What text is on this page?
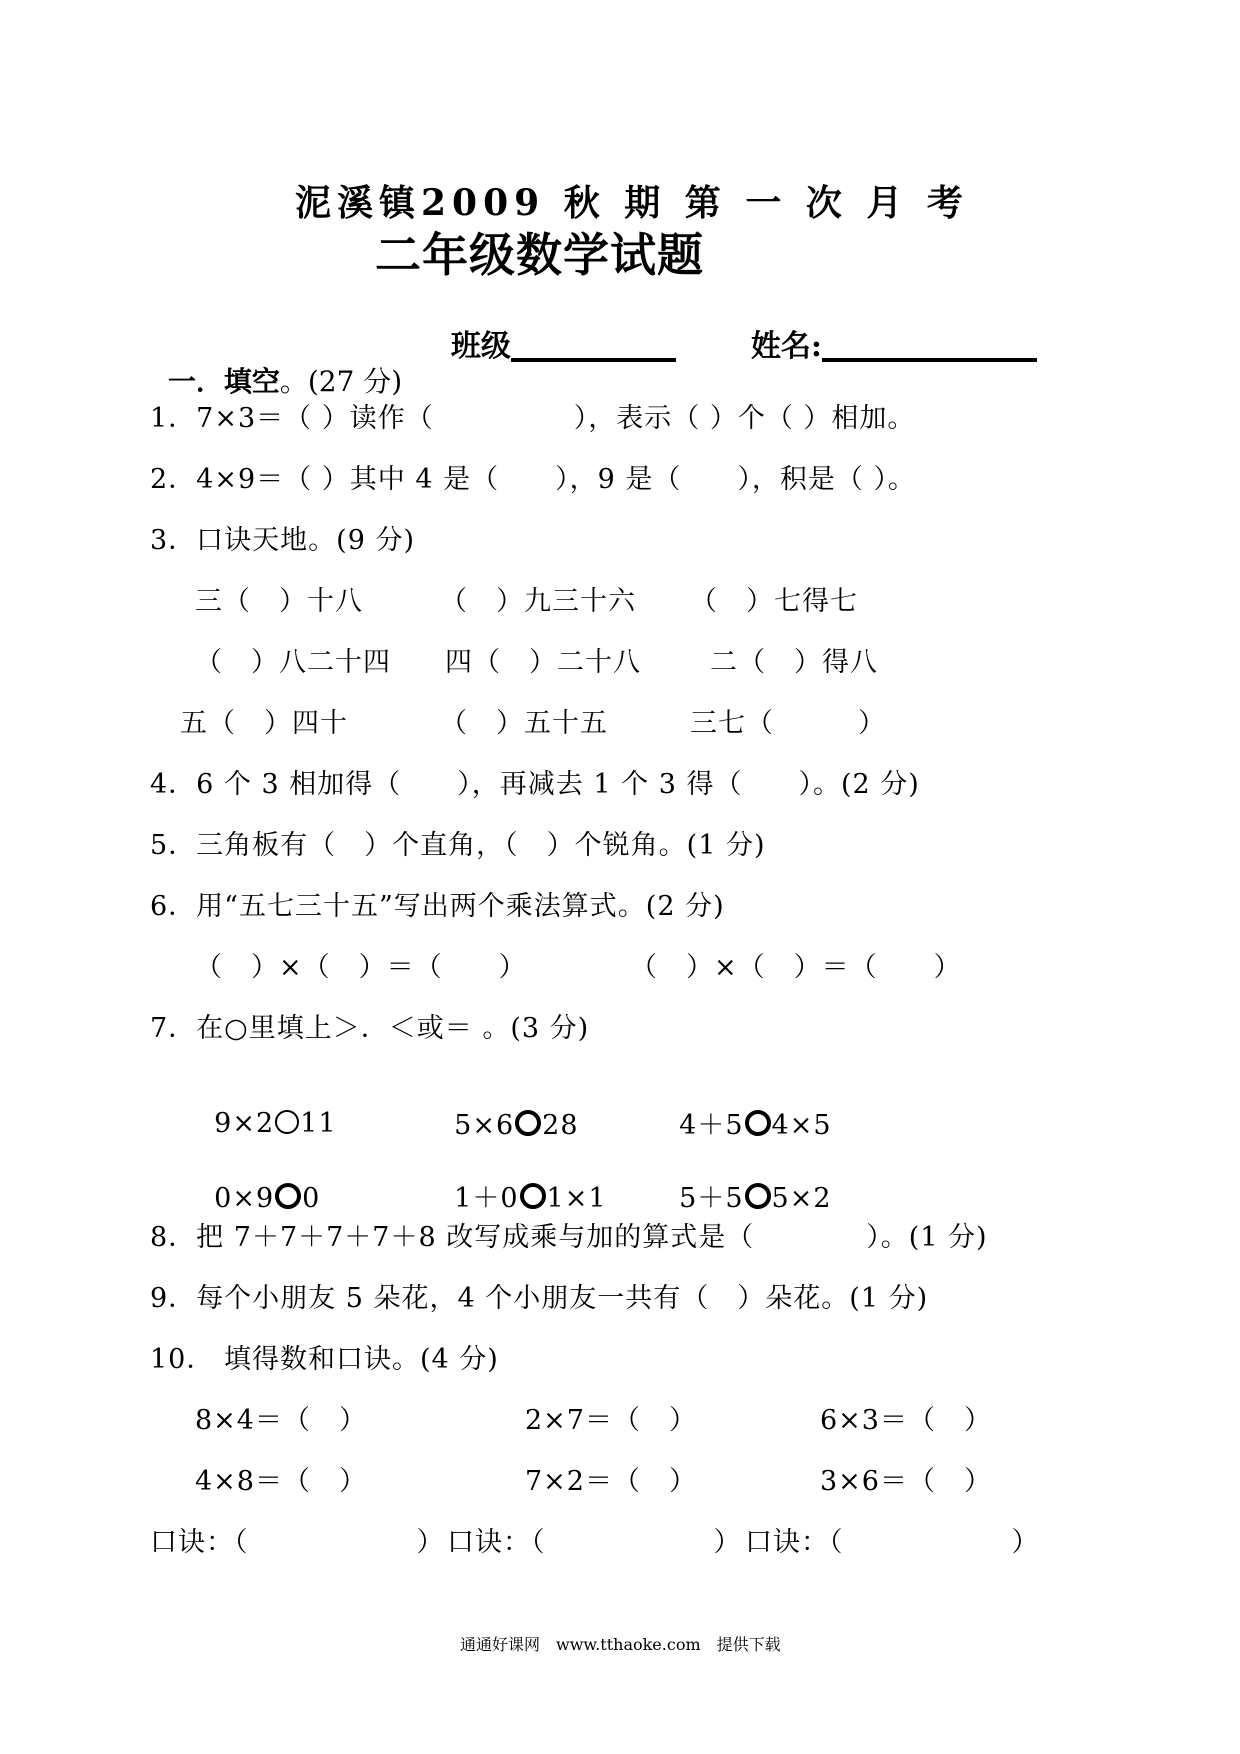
泥溪镇2009 秋 期 第 一 次 月 考
二年级数学试题

班级	姓名:

一．填空。(27 分)

1．7×3＝（ ）读作（　　　　　），表示（ ）个（ ）相加。
2．4×9＝（ ）其中 4 是（　　），9 是（　　），积是（ ）。
3．口诀天地。(9 分)
三（　）十八	（　）九三十六 （　）七得七
（　）八二十四 四（　）二十八	二（　）得八
五（　）四十	（　）五十五	三七（　　　）
4．6 个 3 相加得（　　），再减去 1 个 3 得（　　）。(2 分)
5．三角板有（　）个直角，（　）个锐角。(1 分)
6．用“五七三十五”写出两个乘法算式。(2 分)
（　）×（　）＝（　　）	（　）×（　）＝（　　）
7．在○里填上＞．＜或＝ 。(3 分)

9×2 11	5×6 28	4＋5 4×5

0×9 0	1＋0 1×1	5＋5 5×2

8．把 7＋7＋7＋7＋8 改写成乘与加的算式是（　　　　）。(1 分)
9．每个小朋友 5 朵花，4 个小朋友一共有（　）朵花。(1 分)
10． 填得数和口诀。(4 分)
8×4＝（　）	2×7＝（　）	6×3＝（　）
4×8＝（　）	7×2＝（　）	3×6＝（　）
口诀：（　　　　　　） 口诀：（　　　　　　） 口诀：（　　　　　　）
通通好课网　www.tthaoke.com　提供下载
